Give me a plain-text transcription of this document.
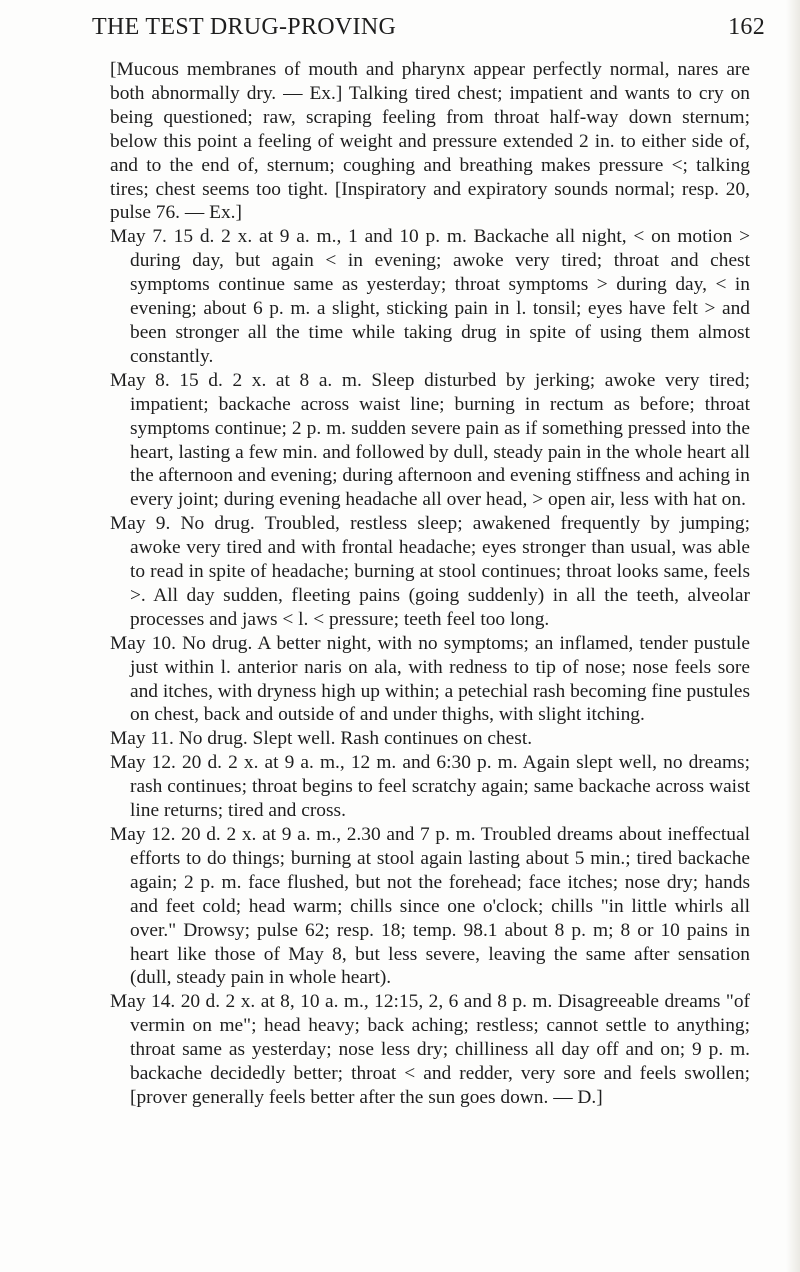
THE TEST DRUG-PROVING	162

[Mucous membranes of mouth and pharynx appear perfectly normal, nares are both abnormally dry. — Ex.] Talking tired chest; impatient and wants to cry on being questioned; raw, scraping feeling from throat half-way down sternum; below this point a feeling of weight and pressure extended 2 in. to either side of, and to the end of, sternum; coughing and breathing makes pressure <; talking tires; chest seems too tight. [Inspiratory and expiratory sounds normal; resp. 20, pulse 76. — Ex.]

May 7. 15 d. 2 x. at 9 a. m., 1 and 10 p. m. Backache all night, < on motion > during day, but again < in evening; awoke very tired; throat and chest symptoms continue same as yesterday; throat symptoms > during day, < in evening; about 6 p. m. a slight, sticking pain in l. tonsil; eyes have felt > and been stronger all the time while taking drug in spite of using them almost constantly.

May 8. 15 d. 2 x. at 8 a. m. Sleep disturbed by jerking; awoke very tired; impatient; backache across waist line; burning in rectum as before; throat symptoms continue; 2 p. m. sudden severe pain as if something pressed into the heart, lasting a few min. and followed by dull, steady pain in the whole heart all the afternoon and evening; during afternoon and evening stiffness and aching in every joint; during evening headache all over head, > open air, less with hat on.

May 9. No drug. Troubled, restless sleep; awakened frequently by jumping; awoke very tired and with frontal headache; eyes stronger than usual, was able to read in spite of headache; burning at stool continues; throat looks same, feels >. All day sudden, fleeting pains (going suddenly) in all the teeth, alveolar processes and jaws < l. < pressure; teeth feel too long.

May 10. No drug. A better night, with no symptoms; an inflamed, tender pustule just within l. anterior naris on ala, with redness to tip of nose; nose feels sore and itches, with dryness high up within; a petechial rash becoming fine pustules on chest, back and outside of and under thighs, with slight itching.

May 11. No drug. Slept well. Rash continues on chest.

May 12. 20 d. 2 x. at 9 a. m., 12 m. and 6:30 p. m. Again slept well, no dreams; rash continues; throat begins to feel scratchy again; same backache across waist line returns; tired and cross.

May 12. 20 d. 2 x. at 9 a. m., 2.30 and 7 p. m. Troubled dreams about ineffectual efforts to do things; burning at stool again lasting about 5 min.; tired backache again; 2 p. m. face flushed, but not the forehead; face itches; nose dry; hands and feet cold; head warm; chills since one o'clock; chills "in little whirls all over." Drowsy; pulse 62; resp. 18; temp. 98.1 about 8 p. m; 8 or 10 pains in heart like those of May 8, but less severe, leaving the same after sensation (dull, steady pain in whole heart).

May 14. 20 d. 2 x. at 8, 10 a. m., 12:15, 2, 6 and 8 p. m. Disagreeable dreams "of vermin on me"; head heavy; back aching; restless; cannot settle to anything; throat same as yesterday; nose less dry; chilliness all day off and on; 9 p. m. backache decidedly better; throat < and redder, very sore and feels swollen; [prover generally feels better after the sun goes down. — D.]
